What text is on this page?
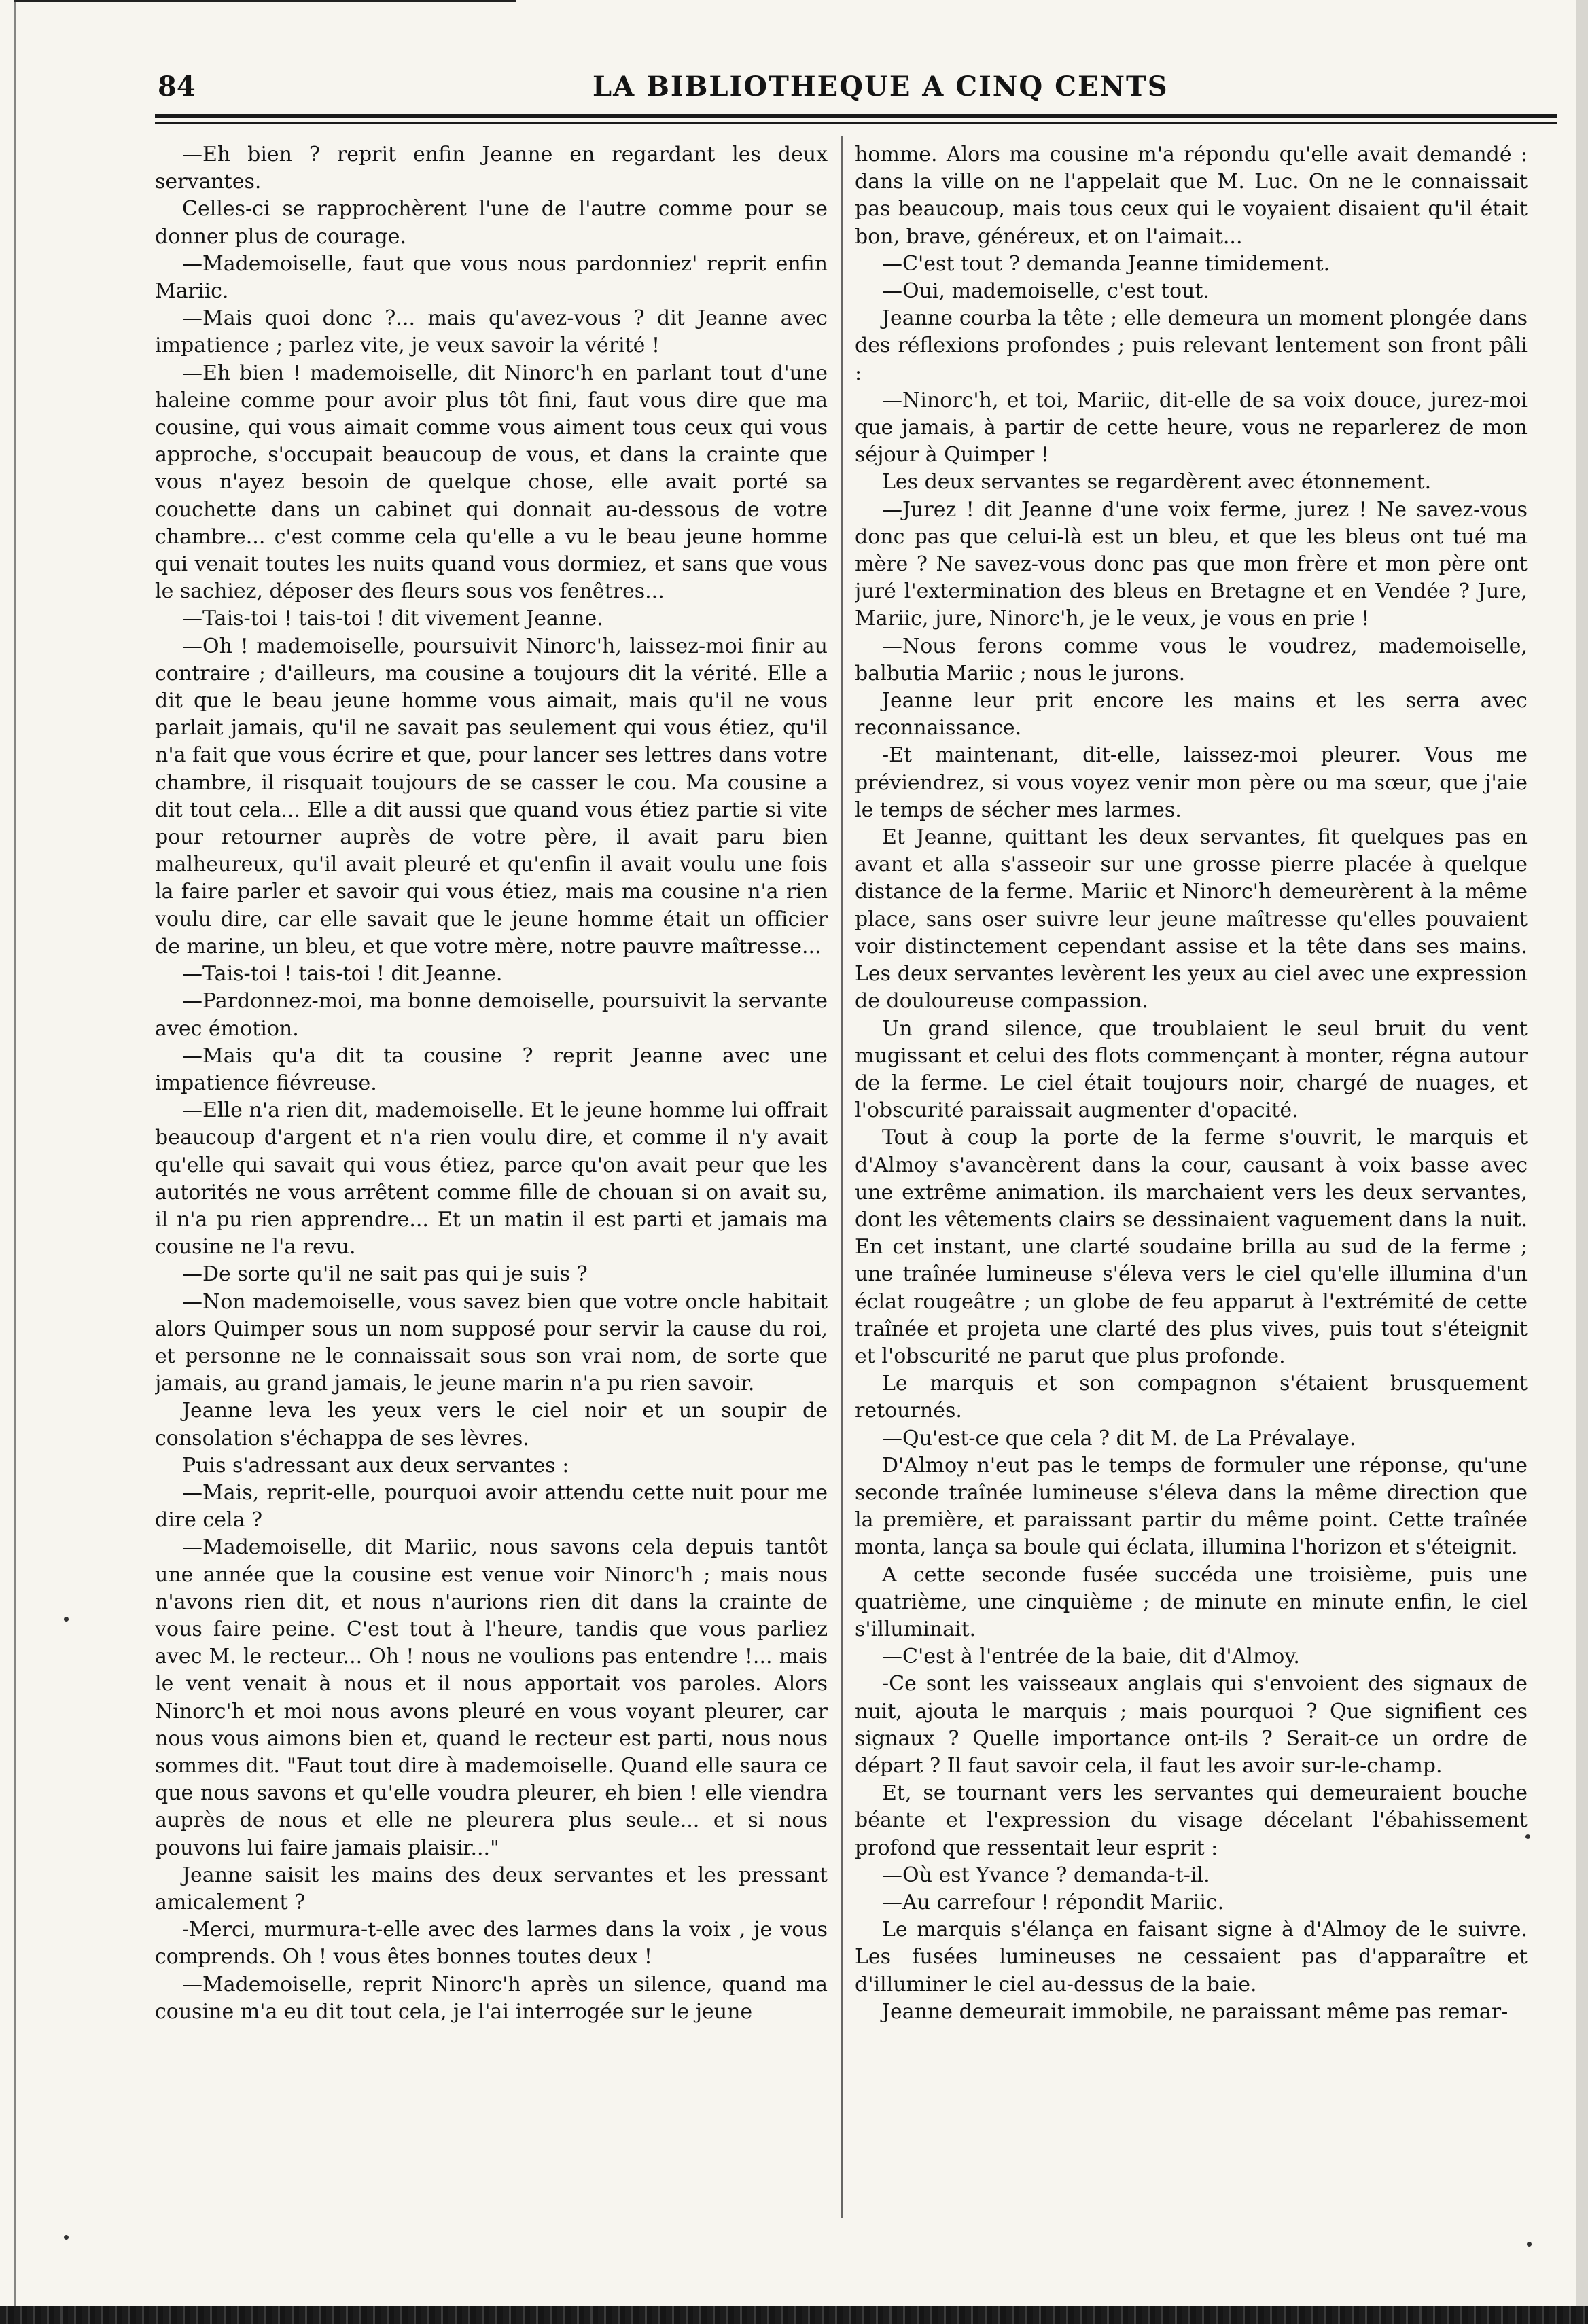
84	LA BIBLIOTHEQUE A CINQ CENTS

—Eh bien ? reprit enfin Jeanne en regardant les deux servantes.

Celles-ci se rapprochèrent l'une de l'autre comme pour se donner plus de courage.

—Mademoiselle, faut que vous nous pardonniez' reprit enfin Mariic.

—Mais quoi donc ?... mais qu'avez-vous ? dit Jeanne avec impatience ; parlez vite, je veux savoir la vérité !

—Eh bien ! mademoiselle, dit Ninorc'h en parlant tout d'une haleine comme pour avoir plus tôt fini, faut vous dire que ma cousine, qui vous aimait comme vous aiment tous ceux qui vous approche, s'occupait beaucoup de vous, et dans la crainte que vous n'ayez besoin de quelque chose, elle avait porté sa couchette dans un cabinet qui donnait au-dessous de votre chambre... c'est comme cela qu'elle a vu le beau jeune homme qui venait toutes les nuits quand vous dormiez, et sans que vous le sachiez, déposer des fleurs sous vos fenêtres...

—Tais-toi ! tais-toi ! dit vivement Jeanne.

—Oh ! mademoiselle, poursuivit Ninorc'h, laissez-moi finir au contraire ; d'ailleurs, ma cousine a toujours dit la vérité. Elle a dit que le beau jeune homme vous aimait, mais qu'il ne vous parlait jamais, qu'il ne savait pas seulement qui vous étiez, qu'il n'a fait que vous écrire et que, pour lancer ses lettres dans votre chambre, il risquait toujours de se casser le cou. Ma cousine a dit tout cela... Elle a dit aussi que quand vous étiez partie si vite pour retourner auprès de votre père, il avait paru bien malheureux, qu'il avait pleuré et qu'enfin il avait voulu une fois la faire parler et savoir qui vous étiez, mais ma cousine n'a rien voulu dire, car elle savait que le jeune homme était un officier de marine, un bleu, et que votre mère, notre pauvre maîtresse...

—Tais-toi ! tais-toi ! dit Jeanne.

—Pardonnez-moi, ma bonne demoiselle, poursuivit la servante avec émotion.

—Mais qu'a dit ta cousine ? reprit Jeanne avec une impatience fiévreuse.

—Elle n'a rien dit, mademoiselle. Et le jeune homme lui offrait beaucoup d'argent et n'a rien voulu dire, et comme il n'y avait qu'elle qui savait qui vous étiez, parce qu'on avait peur que les autorités ne vous arrêtent comme fille de chouan si on avait su, il n'a pu rien apprendre... Et un matin il est parti et jamais ma cousine ne l'a revu.

—De sorte qu'il ne sait pas qui je suis ?

—Non mademoiselle, vous savez bien que votre oncle habitait alors Quimper sous un nom supposé pour servir la cause du roi, et personne ne le connaissait sous son vrai nom, de sorte que jamais, au grand jamais, le jeune marin n'a pu rien savoir.

Jeanne leva les yeux vers le ciel noir et un soupir de consolation s'échappa de ses lèvres.

Puis s'adressant aux deux servantes :

—Mais, reprit-elle, pourquoi avoir attendu cette nuit pour me dire cela ?

—Mademoiselle, dit Mariic, nous savons cela depuis tantôt une année que la cousine est venue voir Ninorc'h ; mais nous n'avons rien dit, et nous n'aurions rien dit dans la crainte de vous faire peine. C'est tout à l'heure, tandis que vous parliez avec M. le recteur... Oh ! nous ne voulions pas entendre !... mais le vent venait à nous et il nous apportait vos paroles. Alors Ninorc'h et moi nous avons pleuré en vous voyant pleurer, car nous vous aimons bien et, quand le recteur est parti, nous nous sommes dit. "Faut tout dire à mademoiselle. Quand elle saura ce que nous savons et qu'elle voudra pleurer, eh bien ! elle viendra auprès de nous et elle ne pleurera plus seule... et si nous pouvons lui faire jamais plaisir..."

Jeanne saisit les mains des deux servantes et les pressant amicalement ?

-Merci, murmura-t-elle avec des larmes dans la voix , je vous comprends. Oh ! vous êtes bonnes toutes deux !

—Mademoiselle, reprit Ninorc'h après un silence, quand ma cousine m'a eu dit tout cela, je l'ai interrogée sur le jeune

homme. Alors ma cousine m'a répondu qu'elle avait demandé : dans la ville on ne l'appelait que M. Luc. On ne le connaissait pas beaucoup, mais tous ceux qui le voyaient disaient qu'il était bon, brave, généreux, et on l'aimait...

—C'est tout ? demanda Jeanne timidement.

—Oui, mademoiselle, c'est tout.

Jeanne courba la tête ; elle demeura un moment plongée dans des réflexions profondes ; puis relevant lentement son front pâli :

—Ninorc'h, et toi, Mariic, dit-elle de sa voix douce, jurez-moi que jamais, à partir de cette heure, vous ne reparlerez de mon séjour à Quimper !

Les deux servantes se regardèrent avec étonnement.

—Jurez ! dit Jeanne d'une voix ferme, jurez ! Ne savez-vous donc pas que celui-là est un bleu, et que les bleus ont tué ma mère ? Ne savez-vous donc pas que mon frère et mon père ont juré l'extermination des bleus en Bretagne et en Vendée ? Jure, Mariic, jure, Ninorc'h, je le veux, je vous en prie !

—Nous ferons comme vous le voudrez, mademoiselle, balbutia Mariic ; nous le jurons.

Jeanne leur prit encore les mains et les serra avec reconnaissance.

-Et maintenant, dit-elle, laissez-moi pleurer. Vous me préviendrez, si vous voyez venir mon père ou ma sœur, que j'aie le temps de sécher mes larmes.

Et Jeanne, quittant les deux servantes, fit quelques pas en avant et alla s'asseoir sur une grosse pierre placée à quelque distance de la ferme. Mariic et Ninorc'h demeurèrent à la même place, sans oser suivre leur jeune maîtresse qu'elles pouvaient voir distinctement cependant assise et la tête dans ses mains. Les deux servantes levèrent les yeux au ciel avec une expression de douloureuse compassion.

Un grand silence, que troublaient le seul bruit du vent mugissant et celui des flots commençant à monter, régna autour de la ferme. Le ciel était toujours noir, chargé de nuages, et l'obscurité paraissait augmenter d'opacité.

Tout à coup la porte de la ferme s'ouvrit, le marquis et d'Almoy s'avancèrent dans la cour, causant à voix basse avec une extrême animation. ils marchaient vers les deux servantes, dont les vêtements clairs se dessinaient vaguement dans la nuit. En cet instant, une clarté soudaine brilla au sud de la ferme ; une traînée lumineuse s'éleva vers le ciel qu'elle illumina d'un éclat rougeâtre ; un globe de feu apparut à l'extrémité de cette traînée et projeta une clarté des plus vives, puis tout s'éteignit et l'obscurité ne parut que plus profonde.

Le marquis et son compagnon s'étaient brusquement retournés.

—Qu'est-ce que cela ? dit M. de La Prévalaye.

D'Almoy n'eut pas le temps de formuler une réponse, qu'une seconde traînée lumineuse s'éleva dans la même direction que la première, et paraissant partir du même point. Cette traînée monta, lança sa boule qui éclata, illumina l'horizon et s'éteignit.

A cette seconde fusée succéda une troisième, puis une quatrième, une cinquième ; de minute en minute enfin, le ciel s'illuminait.

—C'est à l'entrée de la baie, dit d'Almoy.

-Ce sont les vaisseaux anglais qui s'envoient des signaux de nuit, ajouta le marquis ; mais pourquoi ? Que signifient ces signaux ? Quelle importance ont-ils ? Serait-ce un ordre de départ ? Il faut savoir cela, il faut les avoir sur-le-champ.

Et, se tournant vers les servantes qui demeuraient bouche béante et l'expression du visage décelant l'ébahissement profond que ressentait leur esprit :

—Où est Yvance ? demanda-t-il.

—Au carrefour ! répondit Mariic.

Le marquis s'élança en faisant signe à d'Almoy de le suivre. Les fusées lumineuses ne cessaient pas d'apparaître et d'illuminer le ciel au-dessus de la baie.

Jeanne demeurait immobile, ne paraissant même pas remar-
